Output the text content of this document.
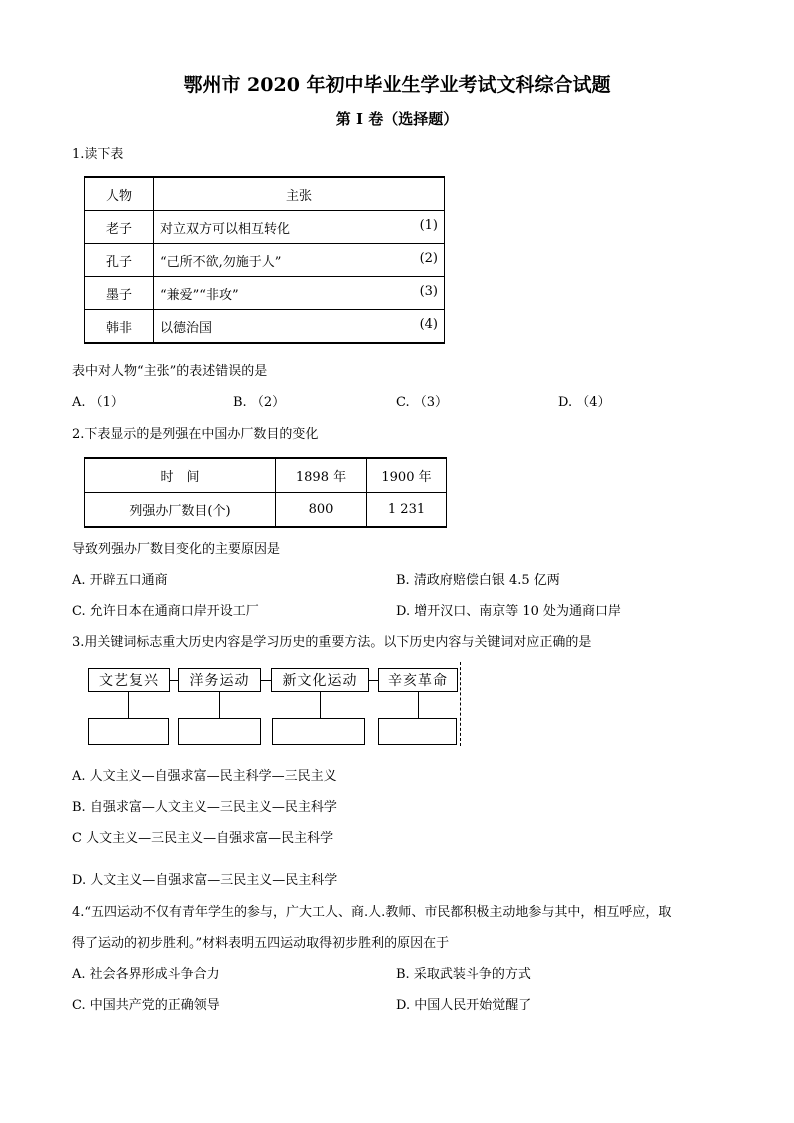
鄂州市 2020 年初中毕业生学业考试文科综合试题
第 I 卷（选择题）
1.读下表
人物	主张
老子	对立双方可以相互转化 (1)

孔子	“己所不欲,勿施于人” (2)

墨子	“兼爱”“非攻” (3)

韩非	以德治国 (4)
表中对人物“主张”的表述错误的是
A. （1）	B. （2）	C. （3）	D. （4）
2.下表显示的是列强在中国办厂数目的变化
时　间	1898 年	1900 年
列强办厂数目(个)	800	1 231
导致列强办厂数目变化的主要原因是
A. 开辟五口通商	B. 清政府赔偿白银 4.5 亿两
C. 允许日本在通商口岸开设工厂	D. 增开汉口、南京等 10 处为通商口岸
3.用关键词标志重大历史内容是学习历史的重要方法。以下历史内容与关键词对应正确的是
文艺复兴	洋务运动	新文化运动	辛亥革命
A. 人文主义—自强求富—民主科学—三民主义
B. 自强求富—人文主义—三民主义—民主科学
C 人文主义—三民主义—自强求富—民主科学
D. 人文主义—自强求富—三民主义—民主科学
4.“五四运动不仅有青年学生的参与，广大工人、商.人.教师、市民都积极主动地参与其中，相互呼应，取
得了运动的初步胜利。”材料表明五四运动取得初步胜利的原因在于
A. 社会各界形成斗争合力	B. 采取武装斗争的方式
C. 中国共产党的正确领导	D. 中国人民开始觉醒了
